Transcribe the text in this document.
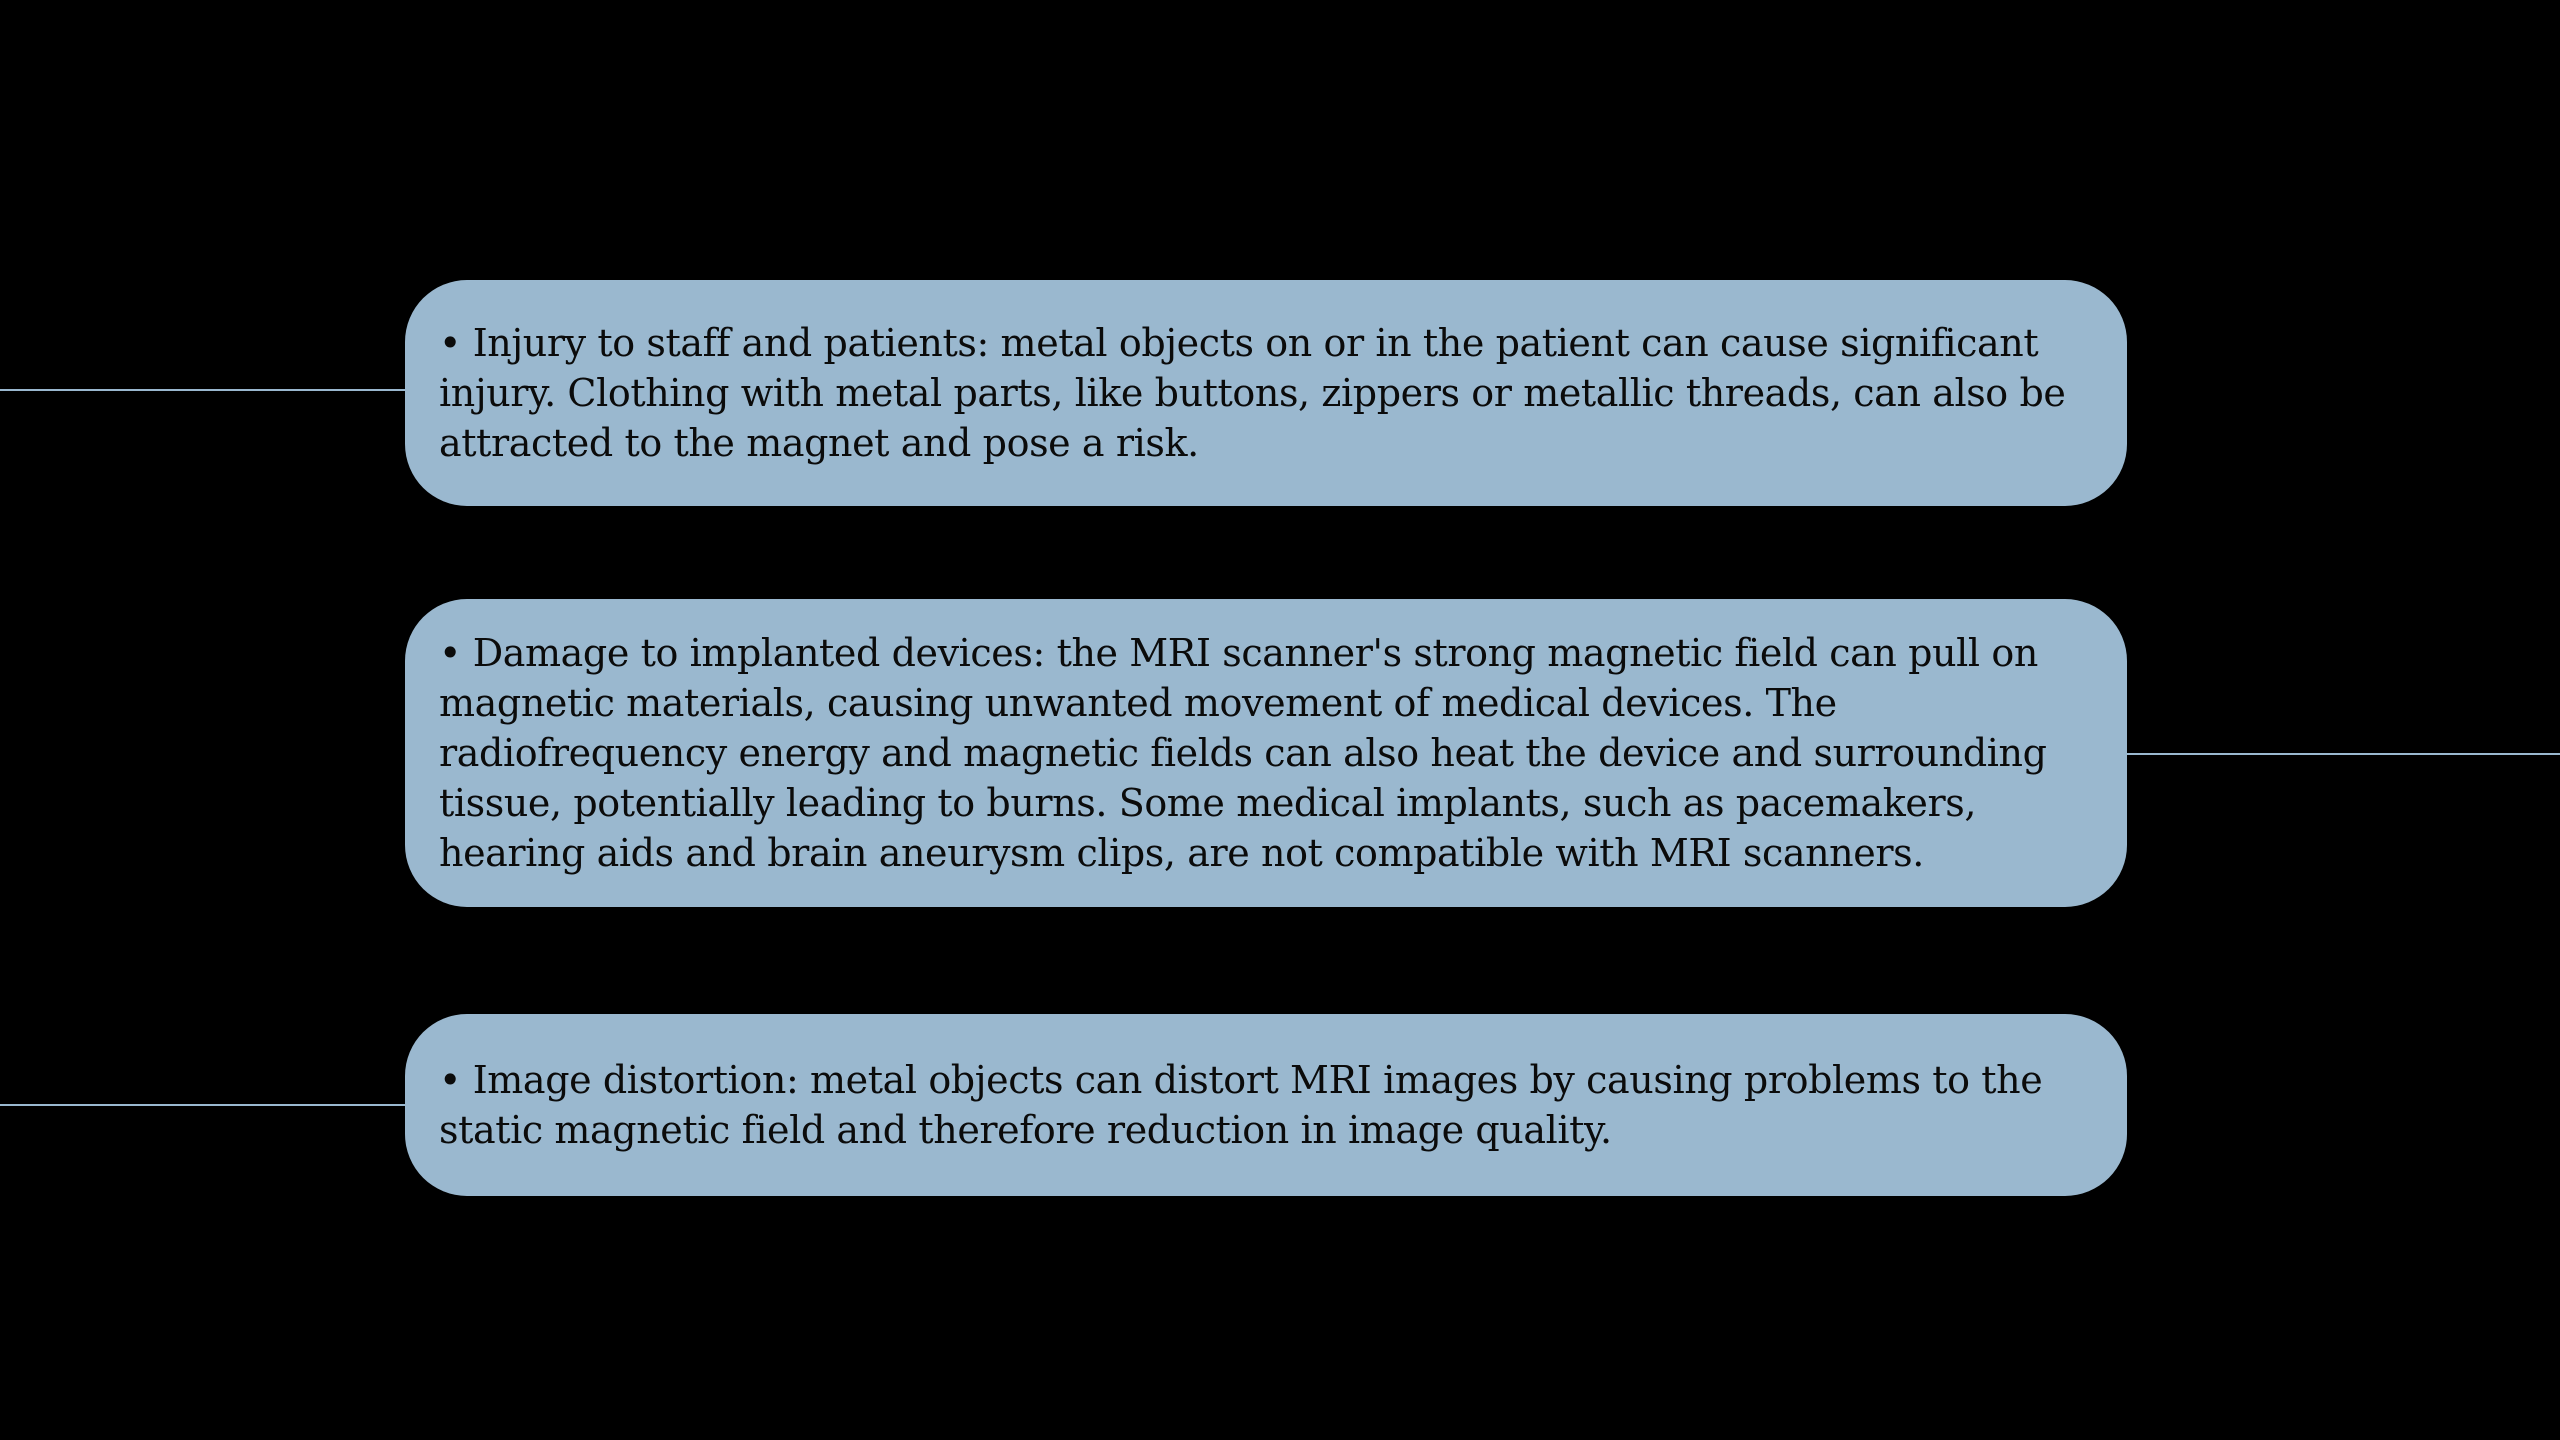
• Injury to staff and patients: metal objects on or in the patient can cause significant injury. Clothing with metal parts, like buttons, zippers or metallic threads, can also be attracted to the magnet and pose a risk.

• Damage to implanted devices: the MRI scanner's strong magnetic field can pull on magnetic materials, causing unwanted movement of medical devices. The radiofrequency energy and magnetic fields can also heat the device and surrounding tissue, potentially leading to burns. Some medical implants, such as pacemakers, hearing aids and brain aneurysm clips, are not compatible with MRI scanners.

• Image distortion: metal objects can distort MRI images by causing problems to the static magnetic field and therefore reduction in image quality.
